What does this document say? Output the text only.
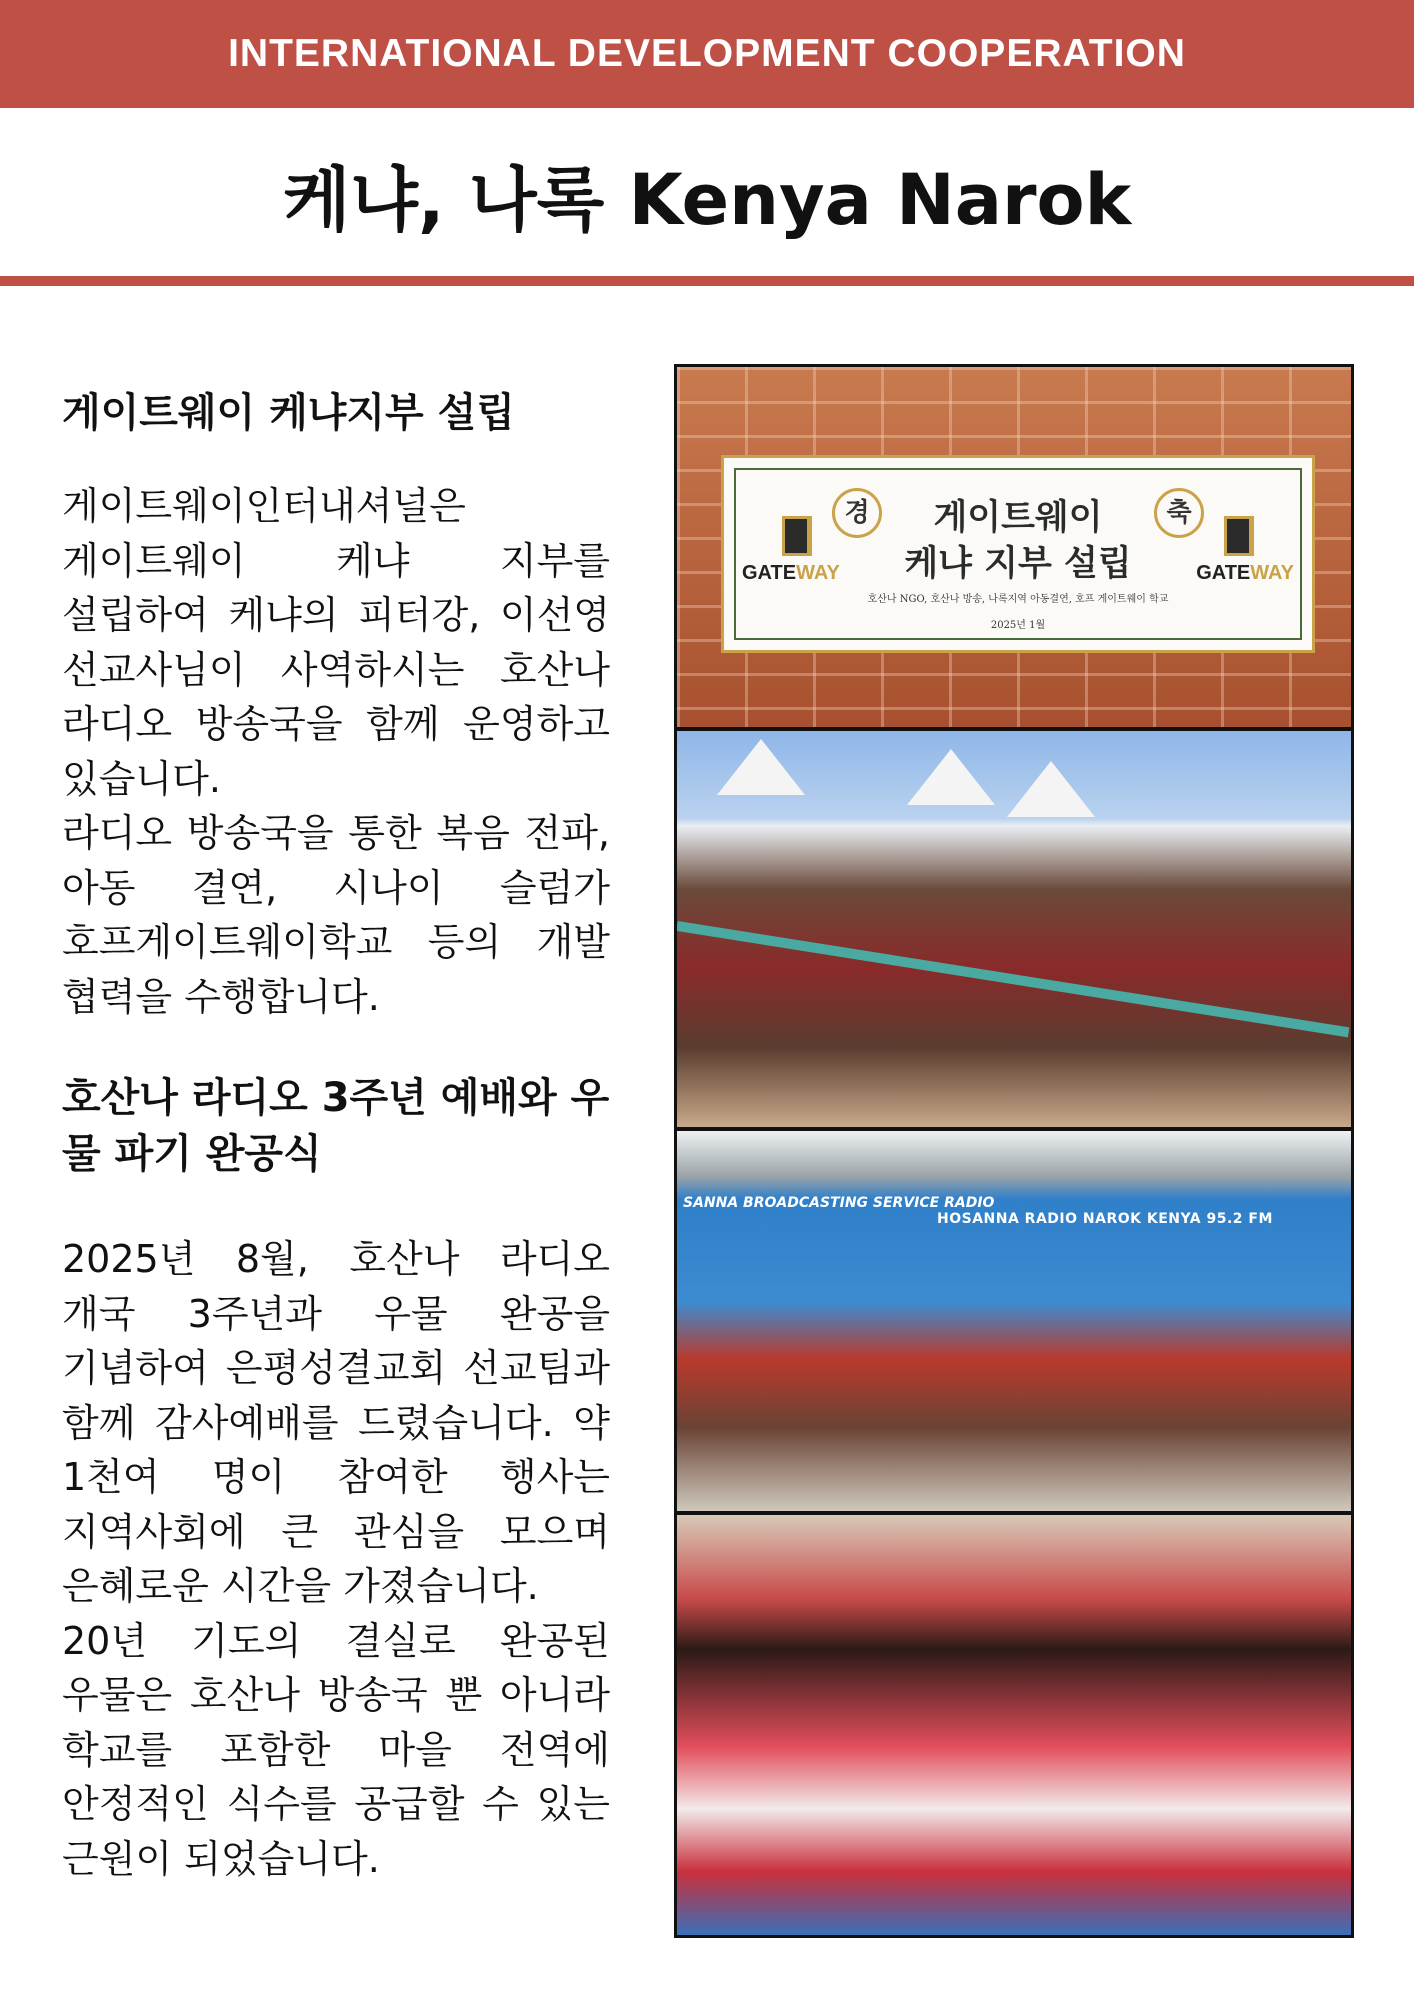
INTERNATIONAL DEVELOPMENT COOPERATION
케냐, 나록 Kenya Narok
게이트웨이 케냐지부 설립

게이트웨이인터내셔널은 게이트웨이 케냐 지부를 설립하여 케냐의 피터강, 이선영 선교사님이 사역하시는 호산나 라디오 방송국을 함께 운영하고 있습니다.

라디오 방송국을 통한 복음 전파, 아동 결연, 시나이 슬럼가 호프게이트웨이학교 등의 개발 협력을 수행합니다.

호산나 라디오 3주년 예배와 우물 파기 완공식

2025년 8월, 호산나 라디오 개국 3주년과 우물 완공을 기념하여 은평성결교회 선교팀과 함께 감사예배를 드렸습니다. 약 1천여 명이 참여한 행사는 지역사회에 큰 관심을 모으며 은혜로운 시간을 가졌습니다.

20년 기도의 결실로 완공된 우물은 호산나 방송국 뿐 아니라 학교를 포함한 마을 전역에 안정적인 식수를 공급할 수 있는 근원이 되었습니다.

경	축
게이트웨이
케냐 지부 설립
GATEWAY	GATEWAY
호산나 NGO, 호산나 방송, 나록지역 아동결연, 호프 게이트웨이 학교
2025년 1월
SANNA BROADCASTING SERVICE RADIO
HOSANNA RADIO NAROK KENYA 95.2 FM
